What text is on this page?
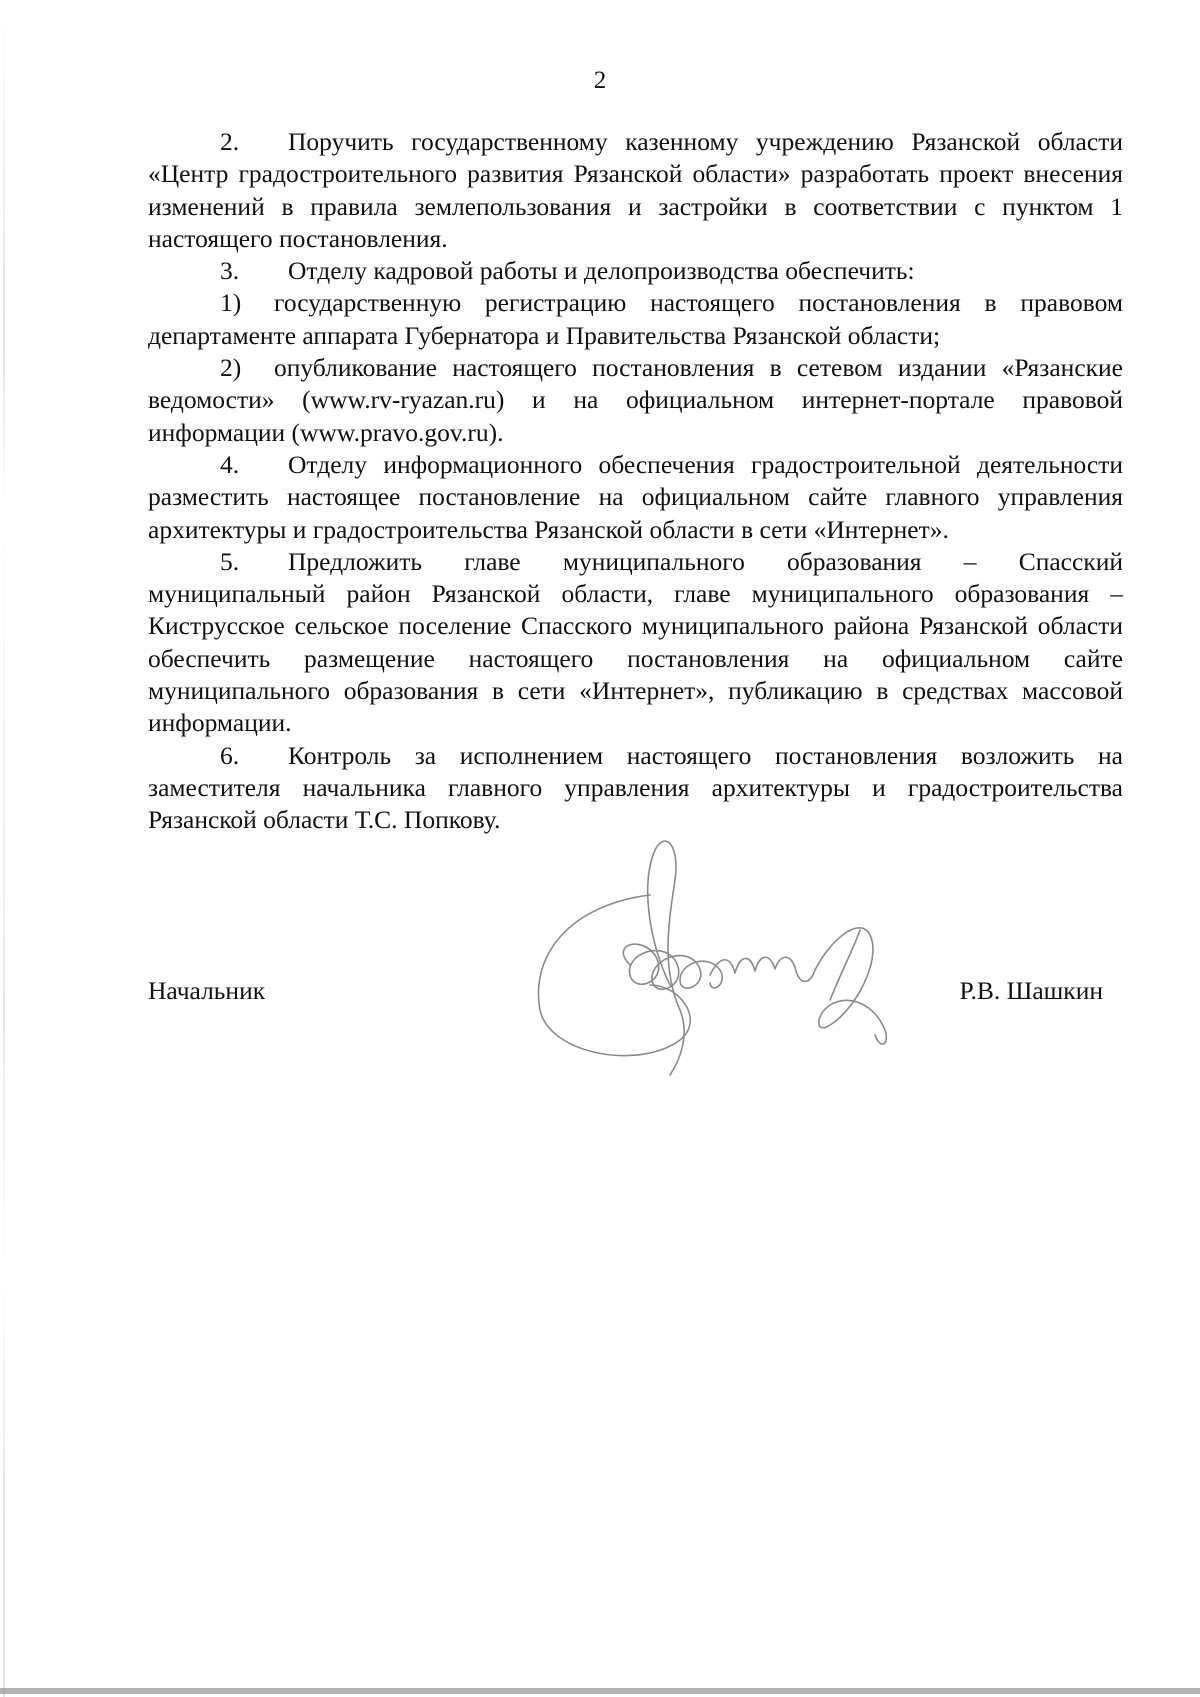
2

2. Поручить государственному казенному учреждению Рязанской области «Центр градостроительного развития Рязанской области» разработать проект внесения изменений в правила землепользования и застройки в соответствии с пунктом 1 настоящего постановления.

3. Отделу кадровой работы и делопроизводства обеспечить:

1) государственную регистрацию настоящего постановления в правовом департаменте аппарата Губернатора и Правительства Рязанской области;

2) опубликование настоящего постановления в сетевом издании «Рязанские ведомости» (www.rv-ryazan.ru) и на официальном интернет-портале правовой информации (www.pravo.gov.ru).

4. Отделу информационного обеспечения градостроительной деятельности разместить настоящее постановление на официальном сайте главного управления архитектуры и градостроительства Рязанской области в сети «Интернет».

5. Предложить главе муниципального образования – Спасский муниципальный район Рязанской области, главе муниципального образования – Киструсское сельское поселение Спасского муниципального района Рязанской области обеспечить размещение настоящего постановления на официальном сайте муниципального образования в сети «Интернет», публикацию в средствах массовой информации.

6. Контроль за исполнением настоящего постановления возложить на заместителя начальника главного управления архитектуры и градостроительства Рязанской области Т.С. Попкову.

Начальник	Р.В. Шашкин
